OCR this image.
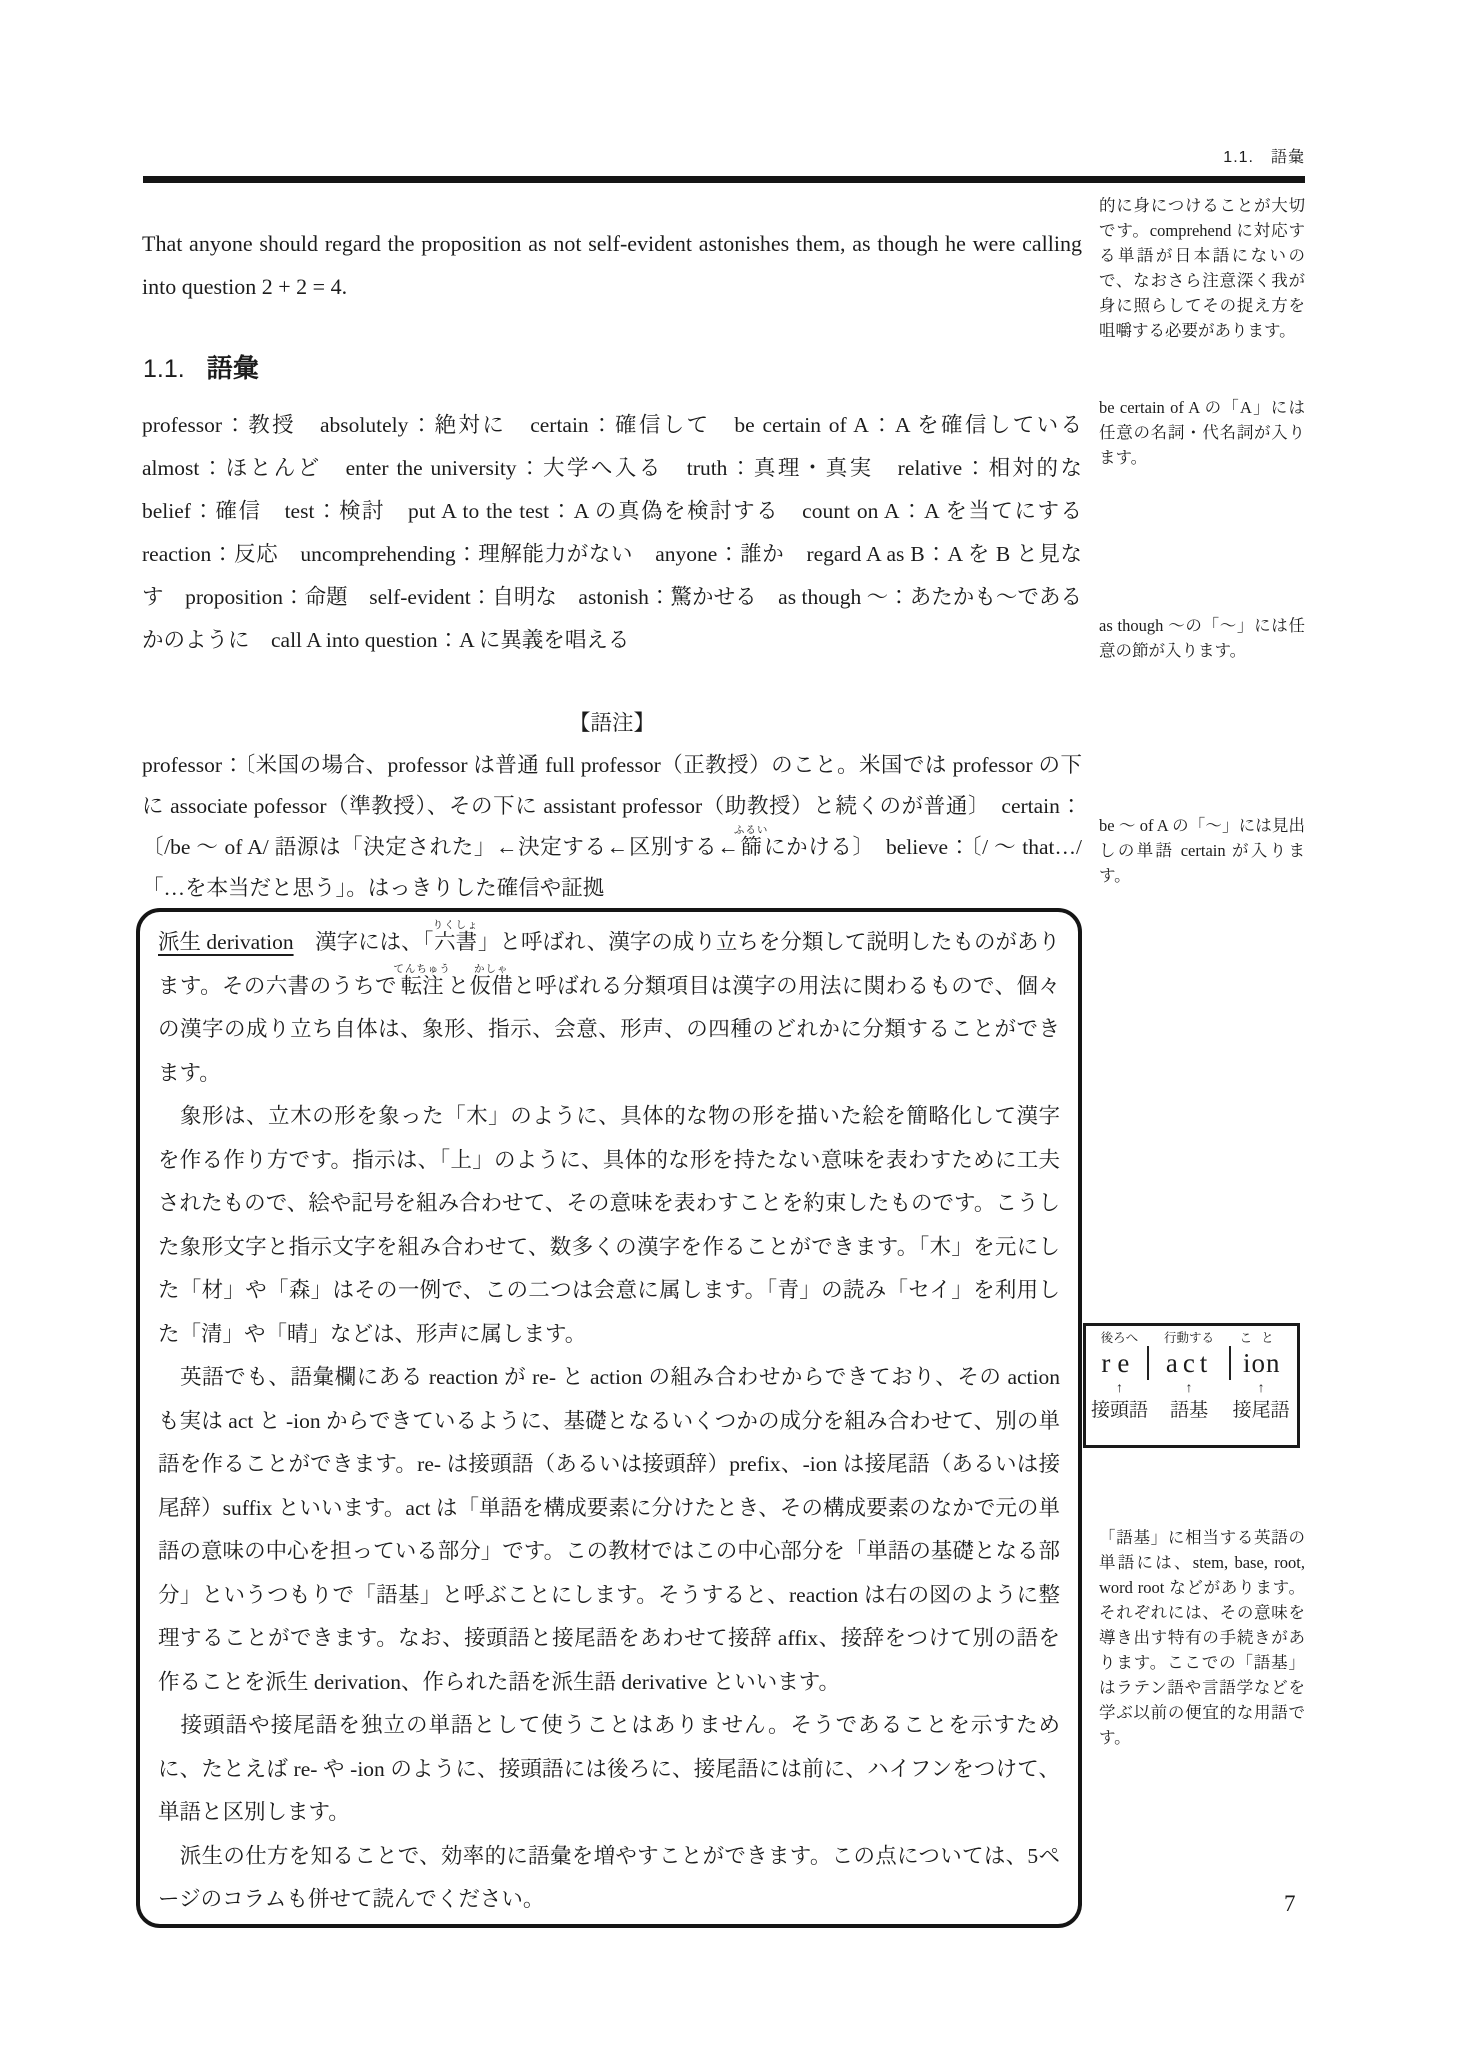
1.1.　語彙

That anyone should regard the proposition as not self-evident astonishes them, as though he were calling into question 2 + 2 = 4.

1.1. 語彙

professor：教授　absolutely：絶対に　certain：確信して　be certain of A：A を確信している　almost：ほとんど　enter the university：大学へ入る　truth：真理・真実　relative：相対的な　belief：確信　test：検討　put A to the test：A の真偽を検討する　count on A：A を当てにする　reaction：反応　uncomprehending：理解能力がない　anyone：誰か　regard A as B：A を B と見なす　proposition：命題　self-evident：自明な　astonish：驚かせる　as though ～：あたかも～であるかのように　call A into question：A に異義を唱える

【語注】

professor：〔米国の場合、professor は普通 full professor（正教授）のこと。米国では professor の下に associate pofessor（準教授）、その下に assistant professor（助教授）と続くのが普通〕　certain：〔/be ～ of A/ 語源は「決定された」←決定する←区別する←篩ふるいにかける〕　believe：〔/ ～ that…/「…を本当だと思う」。はっきりした確信や証拠

派生 derivation　漢字には、「六書りくしょ」と呼ばれ、漢字の成り立ちを分類して説明したものがあります。その六書のうちで転注てんちゅうと仮借かしゃと呼ばれる分類項目は漢字の用法に関わるもので、個々の漢字の成り立ち自体は、象形、指示、会意、形声、の四種のどれかに分類することができます。

　象形は、立木の形を象った「木」のように、具体的な物の形を描いた絵を簡略化して漢字を作る作り方です。指示は、「上」のように、具体的な形を持たない意味を表わすために工夫されたもので、絵や記号を組み合わせて、その意味を表わすことを約束したものです。こうした象形文字と指示文字を組み合わせて、数多くの漢字を作ることができます。「木」を元にした「材」や「森」はその一例で、この二つは会意に属します。「青」の読み「セイ」を利用した「清」や「晴」などは、形声に属します。

　英語でも、語彙欄にある reaction が re- と action の組み合わせからできており、その action も実は act と -ion からできているように、基礎となるいくつかの成分を組み合わせて、別の単語を作ることができます。re- は接頭語（あるいは接頭辞）prefix、-ion は接尾語（あるいは接尾辞）suffix といいます。act は「単語を構成要素に分けたとき、その構成要素のなかで元の単語の意味の中心を担っている部分」です。この教材ではこの中心部分を「単語の基礎となる部分」というつもりで「語基」と呼ぶことにします。そうすると、reaction は右の図のように整理することができます。なお、接頭語と接尾語をあわせて接辞 affix、接辞をつけて別の語を作ることを派生 derivation、作られた語を派生語 derivative といいます。

　接頭語や接尾語を独立の単語として使うことはありません。そうであることを示すために、たとえば re- や -ion のように、接頭語には後ろに、接尾語には前に、ハイフンをつけて、単語と区別します。

　派生の仕方を知ることで、効率的に語彙を増やすことができます。この点については、5ページのコラムも併せて読んでください。

的に身につけることが大切です。comprehend に対応する単語が日本語にないので、なおさら注意深く我が身に照らしてその捉え方を咀嚼する必要があります。

be certain of A の「A」には任意の名詞・代名詞が入ります。

as though ～の「～」には任意の節が入ります。

be ～ of A の「～」には見出しの単語 certain が入ります。

「語基」に相当する英語の単語には、stem, base, root, word root などがあります。それぞれには、その意味を導き出す特有の手続きがあります。ここでの「語基」はラテン語や言語学などを学ぶ以前の便宜的な用語です。

後ろへ	行動する	こと
re	act	ion
↑	↑	↑
接頭語	語基	接尾語
7
